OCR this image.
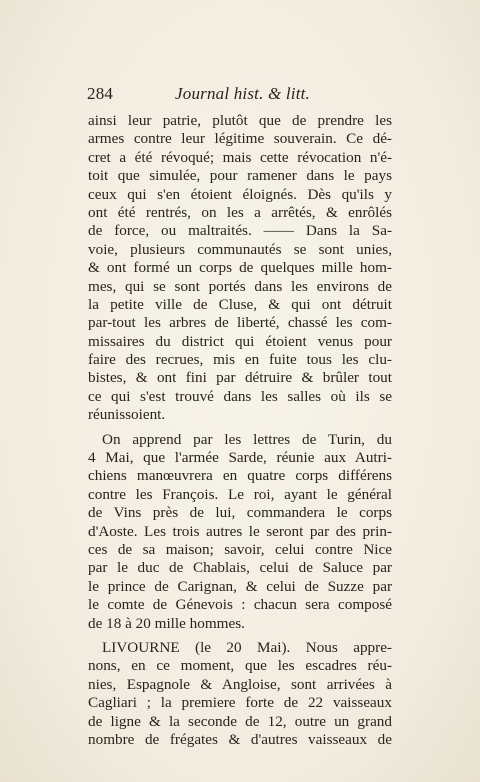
284	Journal hist. & litt.
ainsi leur patrie, plutôt que de prendre les
armes contre leur légitime souverain. Ce dé-
cret a été révoqué; mais cette révocation n'é-
toit que simulée, pour ramener dans le pays
ceux qui s'en étoient éloignés. Dès qu'ils y
ont été rentrés, on les a arrêtés, & enrôlés
de force, ou maltraités. —— Dans la Sa-
voie, plusieurs communautés se sont unies,
& ont formé un corps de quelques mille hom-
mes, qui se sont portés dans les environs de
la petite ville de Cluse, & qui ont détruit
par-tout les arbres de liberté, chassé les com-
missaires du district qui étoient venus pour
faire des recrues, mis en fuite tous les clu-
bistes, & ont fini par détruire & brûler tout
ce qui s'est trouvé dans les salles où ils se
réunissoient.
On apprend par les lettres de Turin, du
4 Mai, que l'armée Sarde, réunie aux Autri-
chiens manœuvrera en quatre corps différens
contre les François. Le roi, ayant le général
de Vins près de lui, commandera le corps
d'Aoste. Les trois autres le seront par des prin-
ces de sa maison; savoir, celui contre Nice
par le duc de Chablais, celui de Saluce par
le prince de Carignan, & celui de Suzze par
le comte de Génevois : chacun sera composé
de 18 à 20 mille hommes.
LIVOURNE (le 20 Mai). Nous appre-
nons, en ce moment, que les escadres réu-
nies, Espagnole & Angloise, sont arrivées à
Cagliari ; la premiere forte de 22 vaisseaux
de ligne & la seconde de 12, outre un grand
nombre de frégates & d'autres vaisseaux de
